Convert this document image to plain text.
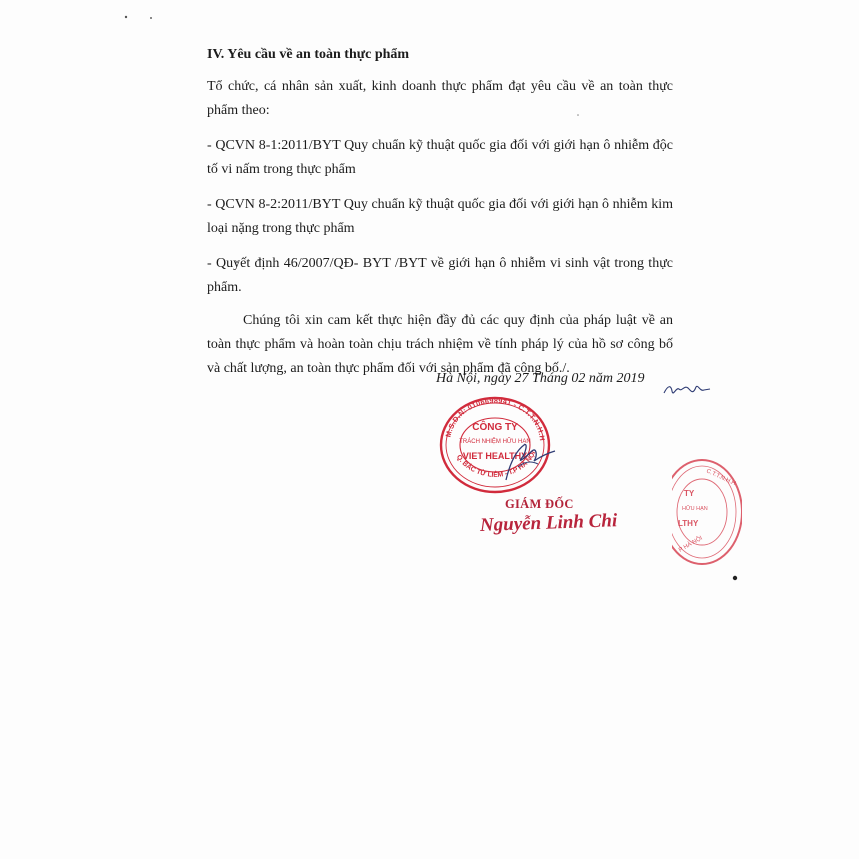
IV. Yêu cầu về an toàn thực phẩm

Tổ chức, cá nhân sản xuất, kinh doanh thực phẩm đạt yêu cầu về an toàn thực phẩm theo:

- QCVN 8-1:2011/BYT Quy chuẩn kỹ thuật quốc gia đối với giới hạn ô nhiễm độc tố vi nấm trong thực phẩm

- QCVN 8-2:2011/BYT Quy chuẩn kỹ thuật quốc gia đối với giới hạn ô nhiễm kim loại nặng trong thực phẩm

- Quyết định 46/2007/QĐ- BYT /BYT về giới hạn ô nhiễm vi sinh vật trong thực phẩm.

Chúng tôi xin cam kết thực hiện đầy đủ các quy định của pháp luật về an toàn thực phẩm và hoàn toàn chịu trách nhiệm về tính pháp lý của hồ sơ công bố và chất lượng, an toàn thực phẩm đối với sản phẩm đã công bố./.

Hà Nội, ngày 27 Tháng 02 năm 2019
M.S.D.N: 0106698941 - C.T.T.N.H.H
Q. BẮC TỪ LIÊM - T.P HÀ NỘI
CÔNG TY
TRÁCH NHIỆM HỮU HẠN
VIET HEALTHY
C.T.T.N.H.H
TY
HỮU HẠN
LTHY
P HÀ NỘI
GIÁM ĐỐC
Nguyễn Linh Chi
